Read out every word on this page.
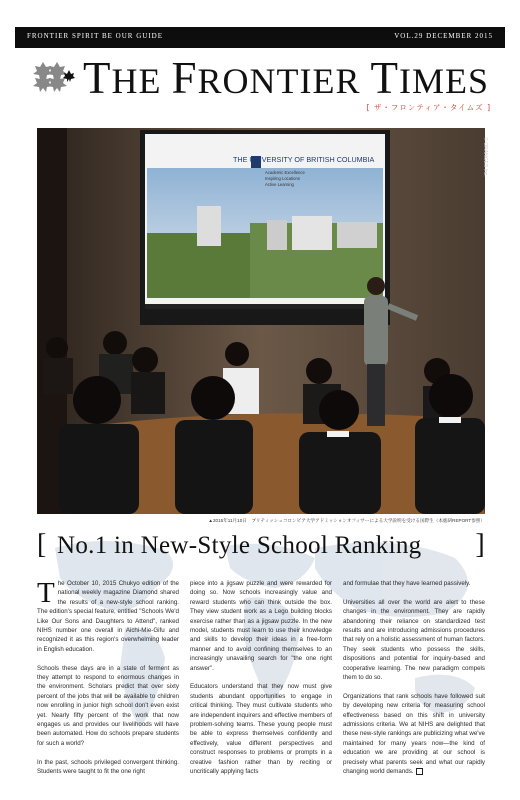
FRONTIER SPIRIT BE OUR GUIDE	VOL.29 DECEMBER 2015
THE FRONTIER TIMES
[ ザ・フロンティア・タイムズ ]
THE UNIVERSITY OF BRITISH COLUMBIA
Academic Excellence
Inspiring Locations
Active Learning
© ORANGES Inc.
▲2015年11月10日　ブリティッシュコロンビア大学アドミッションオフィサーによる大学説明を受ける国際生（本総研REPORT参照）
[ No.1 in New-Style School Ranking ]

The October 10, 2015 Chukyo edition of the national weekly magazine Diamond shared the results of a new-style school ranking. The edition's special feature, entitled "Schools We'd Like Our Sons and Daughters to Attend", ranked NIHS number one overall in Aichi-Mie-Gifu and recognized it as this region's overwhelming leader in English education.

Schools these days are in a state of ferment as they attempt to respond to enormous changes in the environment. Scholars predict that over sixty percent of the jobs that will be available to children now enrolling in junior high school don't even exist yet. Nearly fifty percent of the work that now engages us and provides our livelihoods will have been automated. How do schools prepare students for such a world?

In the past, schools privileged convergent thinking. Students were taught to fit the one right

piece into a jigsaw puzzle and were rewarded for doing so. Now schools increasingly value and reward students who can think outside the box. They view student work as a Lego building blocks exercise rather than as a jigsaw puzzle. In the new model, students must learn to use their knowledge and skills to develop their ideas in a free-form manner and to avoid confining themselves to an increasingly unavailing search for "the one right answer".

Educators understand that they now must give students abundant opportunities to engage in critical thinking. They must cultivate students who are independent inquirers and effective members of problem-solving teams. These young people must be able to express themselves confidently and effectively, value different perspectives and construct responses to problems or prompts in a creative fashion rather than by reciting or uncritically applying facts

and formulae that they have learned passively.

Universities all over the world are alert to these changes in the environment. They are rapidly abandoning their reliance on standardized test results and are introducing admissions procedures that rely on a holistic assessment of human factors. They seek students who possess the skills, dispositions and potential for inquiry-based and cooperative learning. The new paradigm compels them to do so.

Organizations that rank schools have followed suit by developing new criteria for measuring school effectiveness based on this shift in university admissions criteria. We at NIHS are delighted that these new-style rankings are publicizing what we've maintained for many years now—the kind of education we are providing at our school is precisely what parents seek and what our rapidly changing world demands.
